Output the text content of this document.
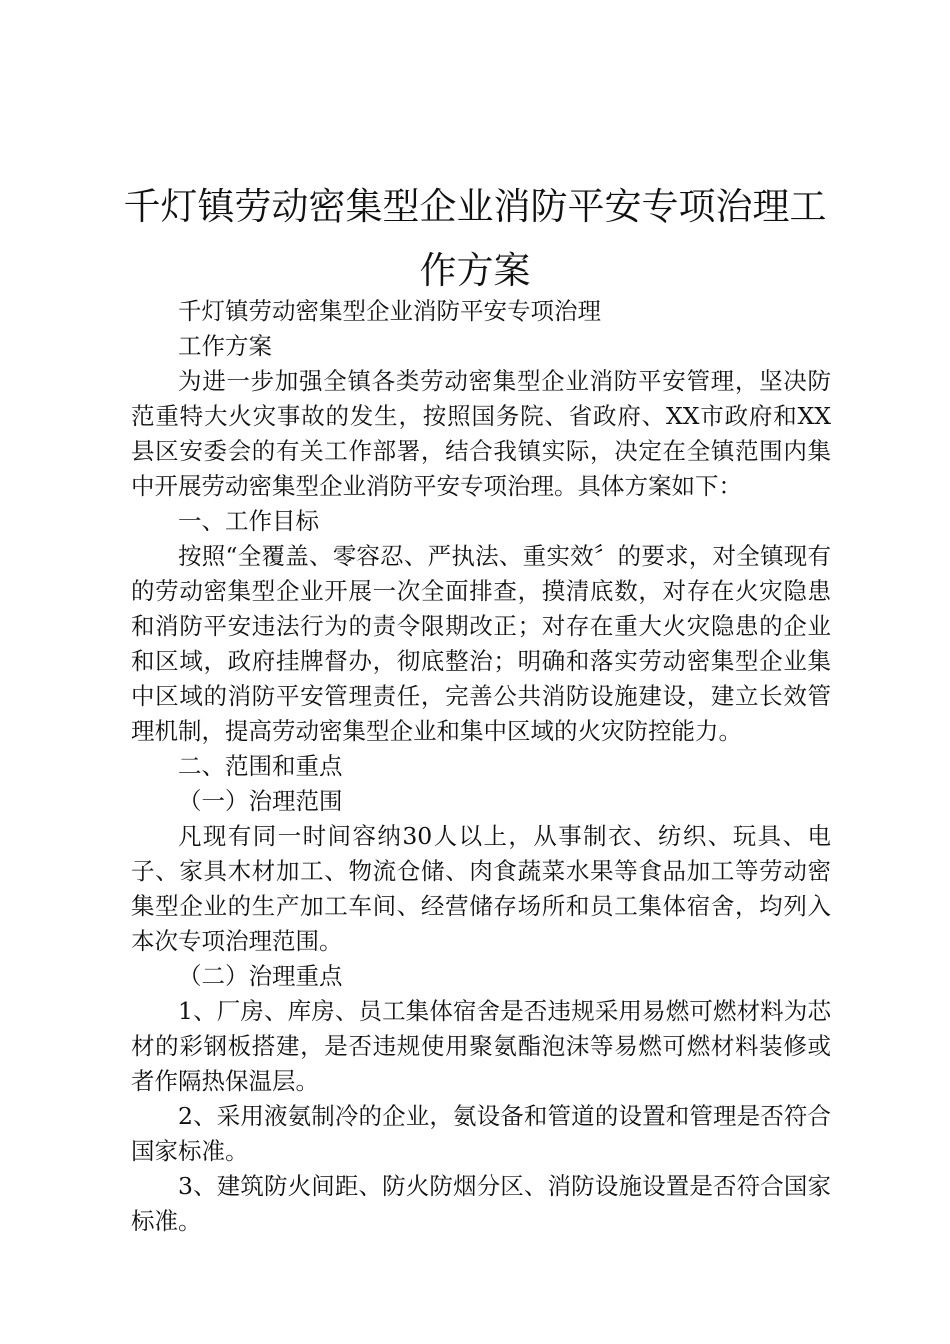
千灯镇劳动密集型企业消防平安专项治理工作方案

千灯镇劳动密集型企业消防平安专项治理

工作方案

为进一步加强全镇各类劳动密集型企业消防平安管理，坚决防范重特大火灾事故的发生，按照国务院、省政府、XX市政府和XX县区安委会的有关工作部署，结合我镇实际，决定在全镇范围内集中开展劳动密集型企业消防平安专项治理。具体方案如下：

一、工作目标

按照“全覆盖、零容忍、严执法、重实效〞的要求，对全镇现有的劳动密集型企业开展一次全面排查，摸清底数，对存在火灾隐患和消防平安违法行为的责令限期改正；对存在重大火灾隐患的企业和区域，政府挂牌督办，彻底整治；明确和落实劳动密集型企业集中区域的消防平安管理责任，完善公共消防设施建设，建立长效管理机制，提高劳动密集型企业和集中区域的火灾防控能力。

二、范围和重点

（一）治理范围

凡现有同一时间容纳30人以上，从事制衣、纺织、玩具、电子、家具木材加工、物流仓储、肉食蔬菜水果等食品加工等劳动密集型企业的生产加工车间、经营储存场所和员工集体宿舍，均列入本次专项治理范围。

（二）治理重点

1、厂房、库房、员工集体宿舍是否违规采用易燃可燃材料为芯材的彩钢板搭建，是否违规使用聚氨酯泡沫等易燃可燃材料装修或者作隔热保温层。

2、采用液氨制冷的企业，氨设备和管道的设置和管理是否符合国家标准。

3、建筑防火间距、防火防烟分区、消防设施设置是否符合国家标准。
